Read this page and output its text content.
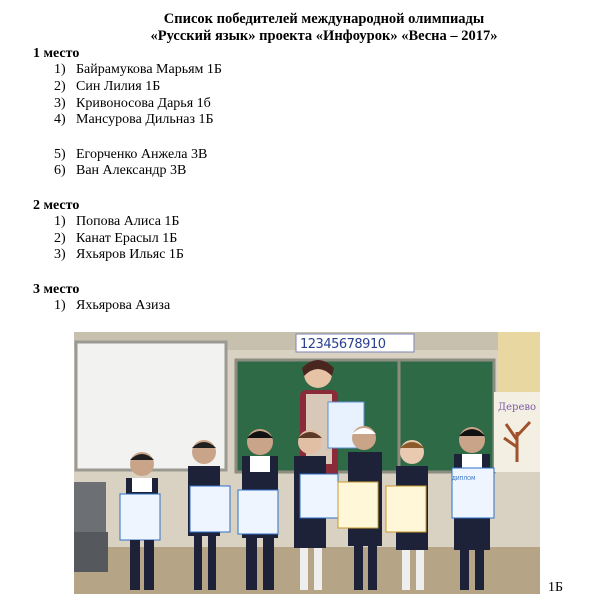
Список победителей международной олимпиады
«Русский язык» проекта «Инфоурок» «Весна – 2017»
1 место
1) Байрамукова Марьям 1Б
2) Син Лилия 1Б
3) Кривоносова Дарья 1б
4) Мансурова Дильназ 1Б
5) Егорченко Анжела 3В
6) Ван Александр 3В
2 место
1) Попова Алиса 1Б
2) Канат Ерасыл 1Б
3) Яхьяров Ильяс 1Б
3 место
1) Яхьярова Азиза
12345678910
Дерево
ДИПЛОМ
1Б
